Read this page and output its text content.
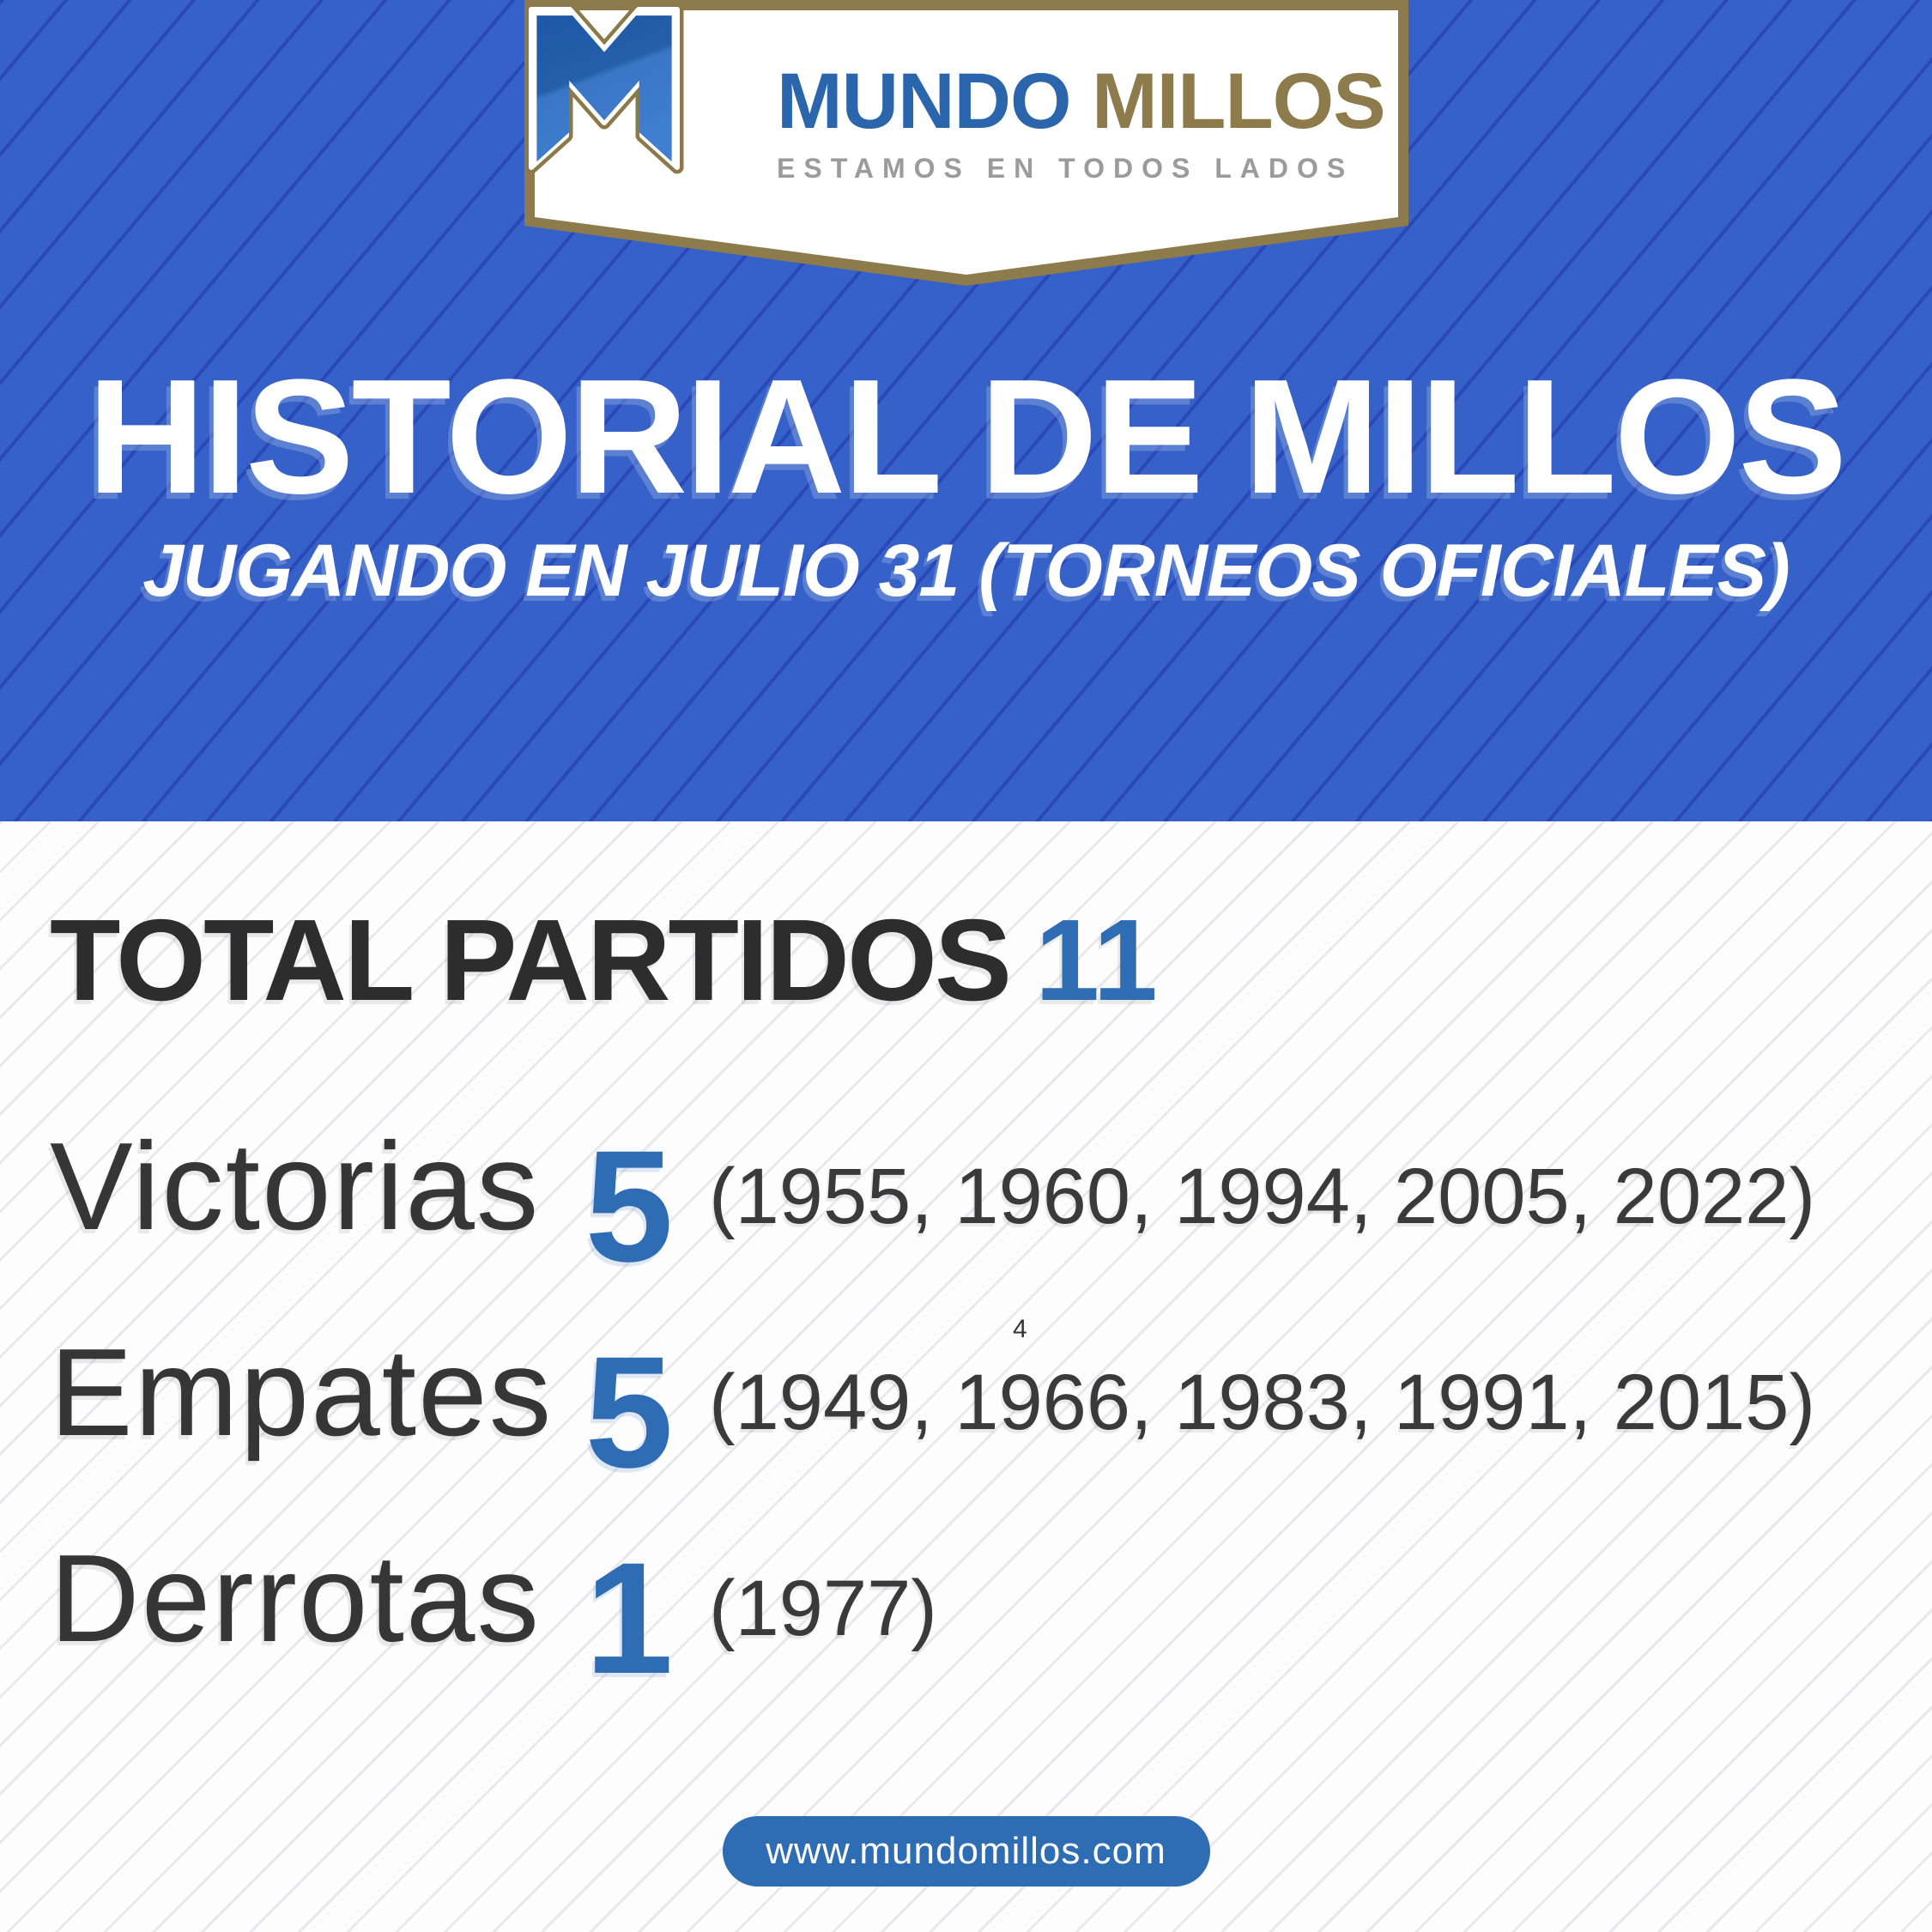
MUNDO MILLOS
ESTAMOS EN TODOS LADOS
HISTORIAL DE MILLOS
JUGANDO EN JULIO 31 (TORNEOS OFICIALES)
TOTAL PARTIDOS 11
Victorias 5 (1955, 1960, 1994, 2005, 2022)
Empates 5 (1949, 1966, 1983, 1991, 2015)
Derrotas 1 (1977)
4
www.mundomillos.com
